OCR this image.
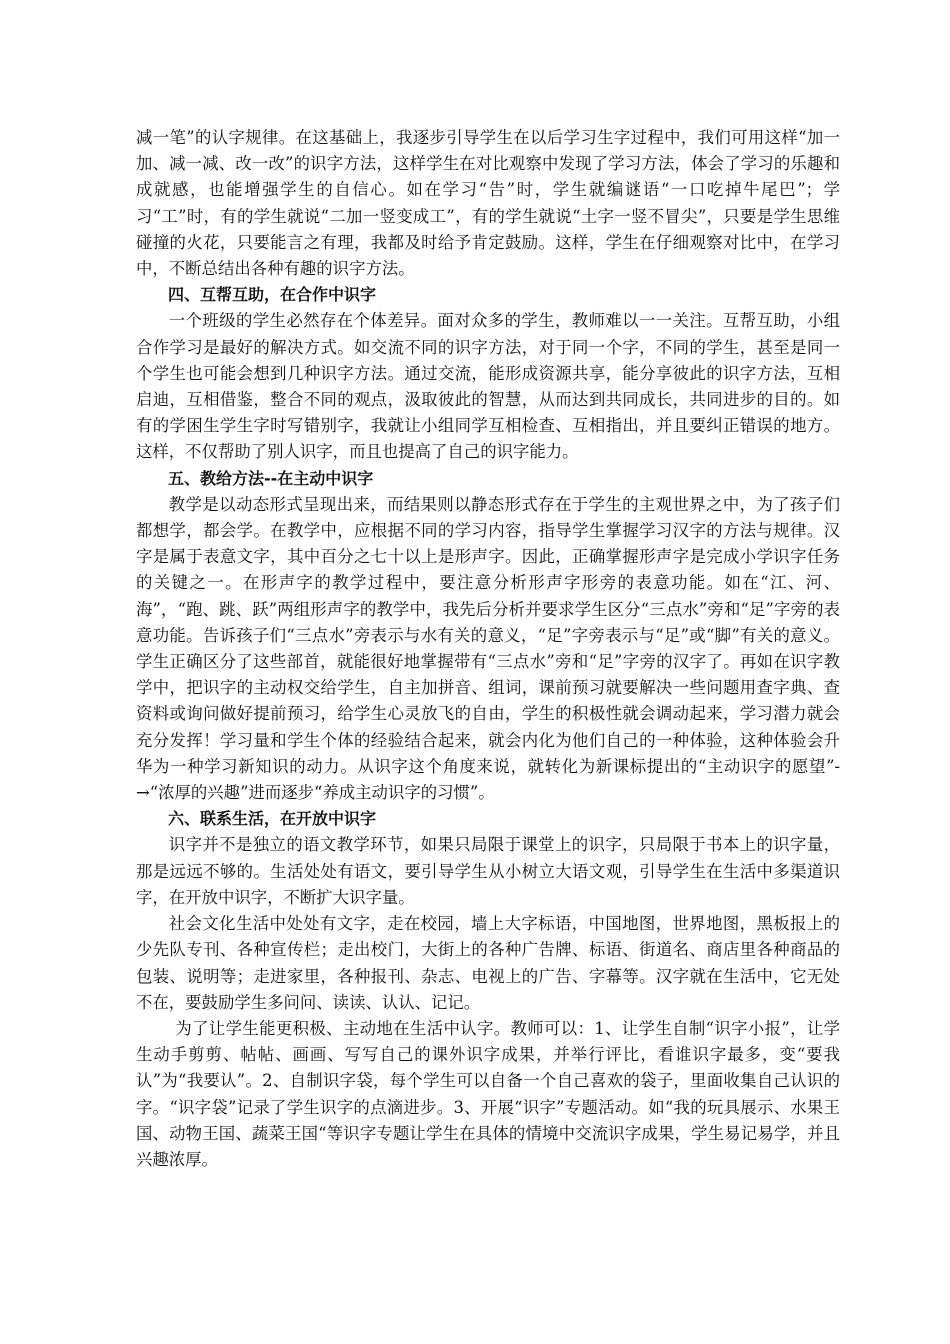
减一笔”的认字规律。在这基础上，我逐步引导学生在以后学习生字过程中，我们可用这样“加一加、减一减、改一改”的识字方法，这样学生在对比观察中发现了学习方法，体会了学习的乐趣和成就感，也能增强学生的自信心。如在学习“告”时，学生就编谜语“一口吃掉牛尾巴”；学习“工”时，有的学生就说“二加一竖变成工”，有的学生就说“土字一竖不冒尖”，只要是学生思维碰撞的火花，只要能言之有理，我都及时给予肯定鼓励。这样，学生在仔细观察对比中，在学习中，不断总结出各种有趣的识字方法。

四、互帮互助，在合作中识字

一个班级的学生必然存在个体差异。面对众多的学生，教师难以一一关注。互帮互助，小组合作学习是最好的解决方式。如交流不同的识字方法，对于同一个字，不同的学生，甚至是同一个学生也可能会想到几种识字方法。通过交流，能形成资源共享，能分享彼此的识字方法，互相启迪，互相借鉴，整合不同的观点，汲取彼此的智慧，从而达到共同成长，共同进步的目的。如有的学困生学生字时写错别字，我就让小组同学互相检查、互相指出，并且要纠正错误的地方。这样，不仅帮助了别人识字，而且也提高了自己的识字能力。

五、教给方法--在主动中识字

教学是以动态形式呈现出来，而结果则以静态形式存在于学生的主观世界之中，为了孩子们都想学，都会学。在教学中，应根据不同的学习内容，指导学生掌握学习汉字的方法与规律。汉字是属于表意文字，其中百分之七十以上是形声字。因此，正确掌握形声字是完成小学识字任务的关键之一。在形声字的教学过程中，要注意分析形声字形旁的表意功能。如在“江、河、海”，“跑、跳、跃”两组形声字的教学中，我先后分析并要求学生区分“三点水”旁和“足”字旁的表意功能。告诉孩子们“三点水”旁表示与水有关的意义，“足”字旁表示与“足”或“脚”有关的意义。学生正确区分了这些部首，就能很好地掌握带有“三点水”旁和“足”字旁的汉字了。再如在识字教学中，把识字的主动权交给学生，自主加拼音、组词，课前预习就要解决一些问题用查字典、查资料或询问做好提前预习，给学生心灵放飞的自由，学生的积极性就会调动起来，学习潜力就会充分发挥！学习量和学生个体的经验结合起来，就会内化为他们自己的一种体验，这种体验会升华为一种学习新知识的动力。从识字这个角度来说，就转化为新课标提出的“主动识字的愿望”-→“浓厚的兴趣”进而逐步“养成主动识字的习惯”。

六、联系生活，在开放中识字

识字并不是独立的语文教学环节，如果只局限于课堂上的识字，只局限于书本上的识字量，那是远远不够的。生活处处有语文，要引导学生从小树立大语文观，引导学生在生活中多渠道识字，在开放中识字，不断扩大识字量。

社会文化生活中处处有文字，走在校园，墙上大字标语，中国地图，世界地图，黑板报上的少先队专刊、各种宣传栏；走出校门，大街上的各种广告牌、标语、街道名、商店里各种商品的包装、说明等；走进家里，各种报刊、杂志、电视上的广告、字幕等。汉字就在生活中，它无处不在，要鼓励学生多问问、读读、认认、记记。

为了让学生能更积极、主动地在生活中认字。教师可以：1、让学生自制“识字小报”，让学生动手剪剪、帖帖、画画、写写自己的课外识字成果，并举行评比，看谁识字最多，变“要我认”为“我要认”。2、自制识字袋，每个学生可以自备一个自己喜欢的袋子，里面收集自己认识的字。“识字袋”记录了学生识字的点滴进步。3、开展“识字”专题活动。如“我的玩具展示、水果王国、动物王国、蔬菜王国“等识字专题让学生在具体的情境中交流识字成果，学生易记易学，并且兴趣浓厚。
